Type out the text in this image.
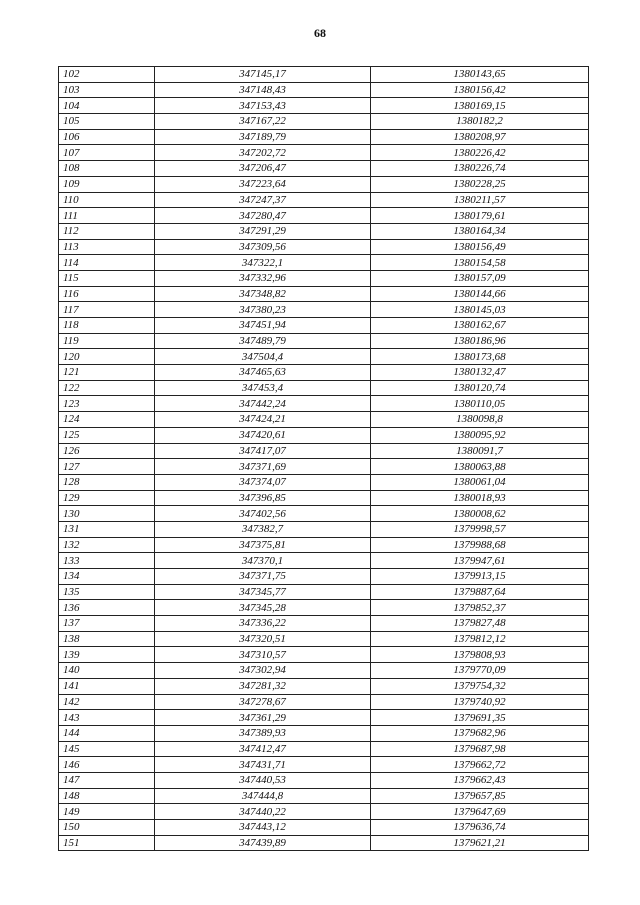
68
102	347145,17	1380143,65
103	347148,43	1380156,42
104	347153,43	1380169,15
105	347167,22	1380182,2
106	347189,79	1380208,97
107	347202,72	1380226,42
108	347206,47	1380226,74
109	347223,64	1380228,25
110	347247,37	1380211,57
111	347280,47	1380179,61
112	347291,29	1380164,34
113	347309,56	1380156,49
114	347322,1	1380154,58
115	347332,96	1380157,09
116	347348,82	1380144,66
117	347380,23	1380145,03
118	347451,94	1380162,67
119	347489,79	1380186,96
120	347504,4	1380173,68
121	347465,63	1380132,47
122	347453,4	1380120,74
123	347442,24	1380110,05
124	347424,21	1380098,8
125	347420,61	1380095,92
126	347417,07	1380091,7
127	347371,69	1380063,88
128	347374,07	1380061,04
129	347396,85	1380018,93
130	347402,56	1380008,62
131	347382,7	1379998,57
132	347375,81	1379988,68
133	347370,1	1379947,61
134	347371,75	1379913,15
135	347345,77	1379887,64
136	347345,28	1379852,37
137	347336,22	1379827,48
138	347320,51	1379812,12
139	347310,57	1379808,93
140	347302,94	1379770,09
141	347281,32	1379754,32
142	347278,67	1379740,92
143	347361,29	1379691,35
144	347389,93	1379682,96
145	347412,47	1379687,98
146	347431,71	1379662,72
147	347440,53	1379662,43
148	347444,8	1379657,85
149	347440,22	1379647,69
150	347443,12	1379636,74
151	347439,89	1379621,21
